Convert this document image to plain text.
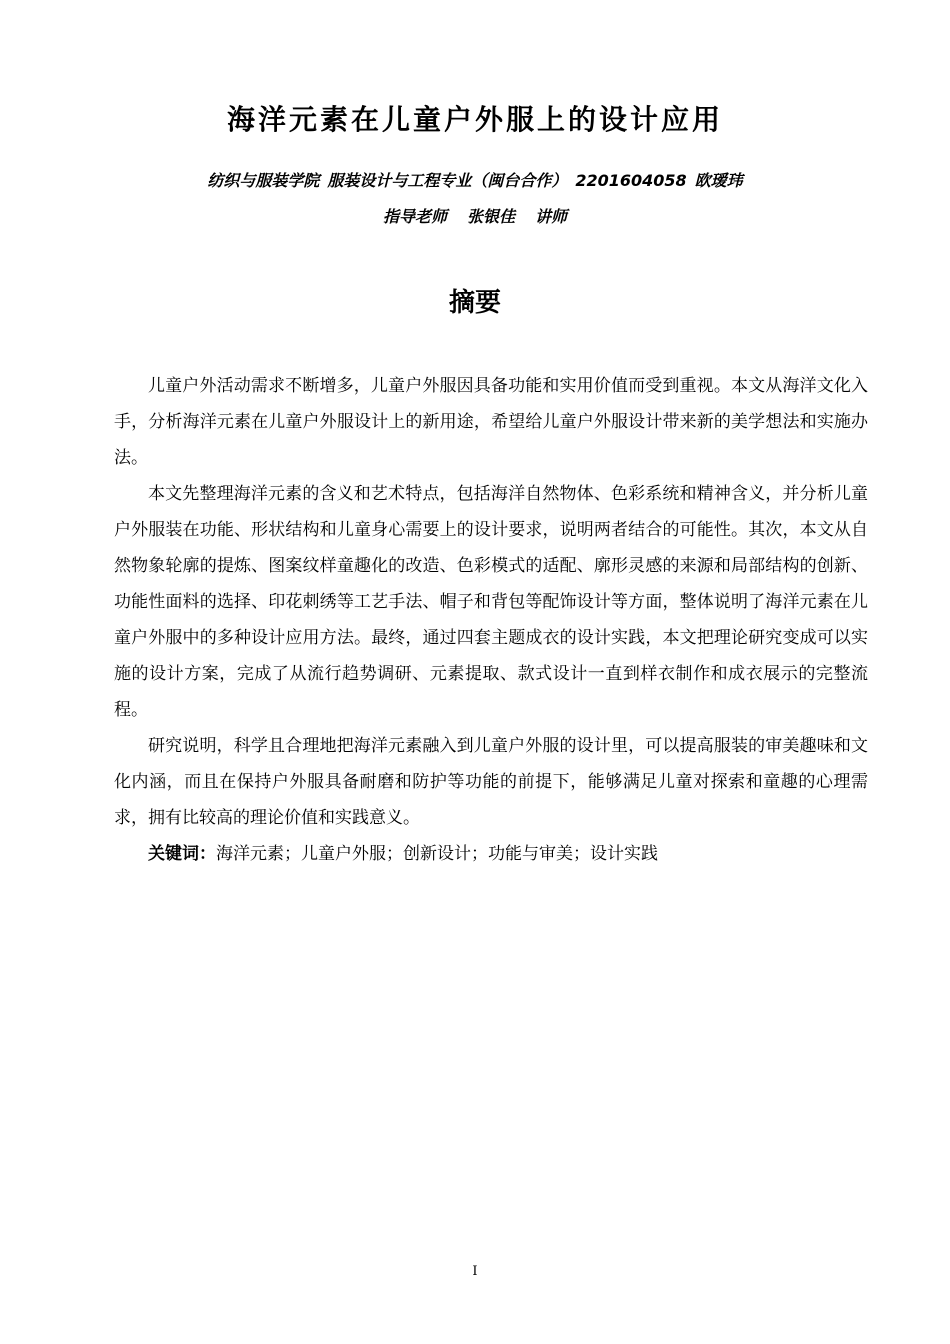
海洋元素在儿童户外服上的设计应用
纺织与服装学院 服装设计与工程专业（闽台合作） 2201604058 欧瑷玮
指导老师 张银佳 讲师
摘要

儿童户外活动需求不断增多，儿童户外服因具备功能和实用价值而受到重视。本文从海洋文化入手，分析海洋元素在儿童户外服设计上的新用途，希望给儿童户外服设计带来新的美学想法和实施办法。

本文先整理海洋元素的含义和艺术特点，包括海洋自然物体、色彩系统和精神含义，并分析儿童户外服装在功能、形状结构和儿童身心需要上的设计要求，说明两者结合的可能性。其次，本文从自然物象轮廓的提炼、图案纹样童趣化的改造、色彩模式的适配、廓形灵感的来源和局部结构的创新、功能性面料的选择、印花刺绣等工艺手法、帽子和背包等配饰设计等方面，整体说明了海洋元素在儿童户外服中的多种设计应用方法。最终，通过四套主题成衣的设计实践，本文把理论研究变成可以实施的设计方案，完成了从流行趋势调研、元素提取、款式设计一直到样衣制作和成衣展示的完整流程。

研究说明，科学且合理地把海洋元素融入到儿童户外服的设计里，可以提高服装的审美趣味和文化内涵，而且在保持户外服具备耐磨和防护等功能的前提下，能够满足儿童对探索和童趣的心理需求，拥有比较高的理论价值和实践意义。

关键词：海洋元素；儿童户外服；创新设计；功能与审美；设计实践

I
